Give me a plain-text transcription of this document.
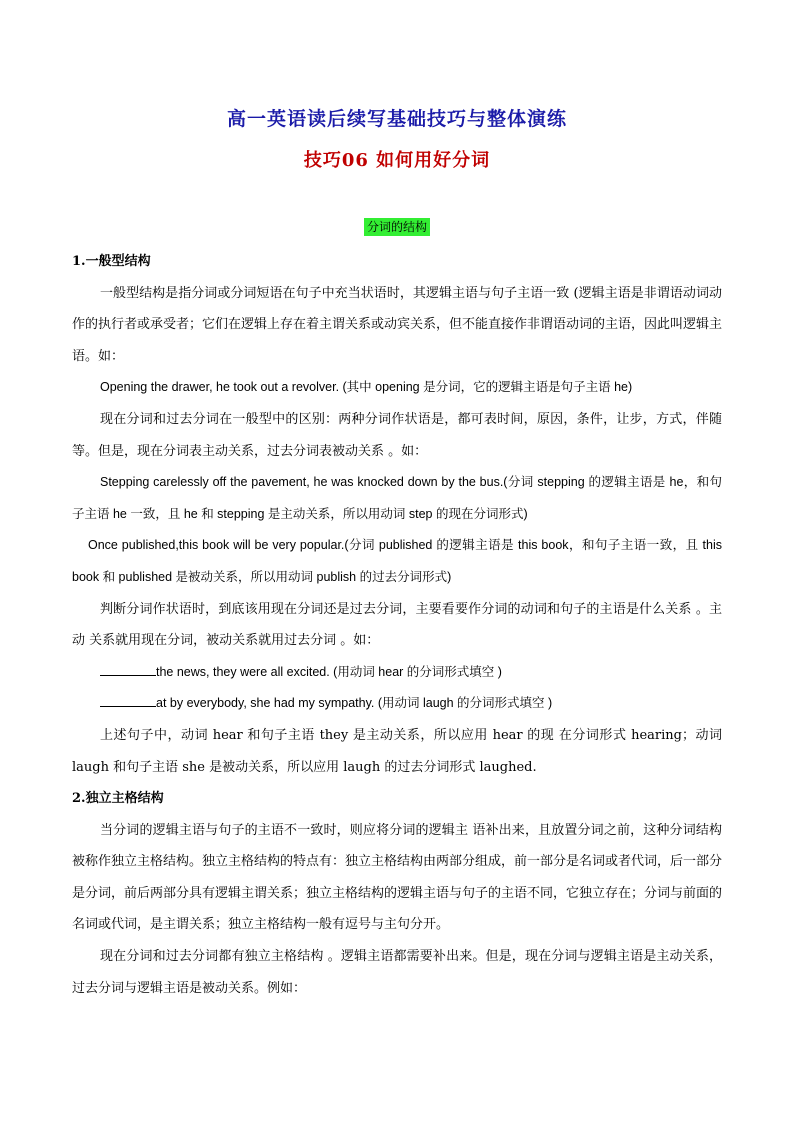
高一英语读后续写基础技巧与整体演练
技巧06 如何用好分词
分词的结构

1.一般型结构

一般型结构是指分词或分词短语在句子中充当状语时，其逻辑主语与句子主语一致 (逻辑主语是非谓语动词动作的执行者或承受者；它们在逻辑上存在着主谓关系或动宾关系，但不能直接作非谓语动词的主语，因此叫逻辑主语。如：

Opening the drawer, he took out a revolver. (其中 opening 是分词，它的逻辑主语是句子主语 he)

现在分词和过去分词在一般型中的区别：两种分词作状语是，都可表时间，原因，条件，让步，方式，伴随等。但是，现在分词表主动关系，过去分词表被动关系 。如：

Stepping carelessly off the pavement, he was knocked down by the bus.(分词 stepping 的逻辑主语是 he，和句子主语 he 一致，且 he 和 stepping 是主动关系，所以用动词 step 的现在分词形式)

Once published,this book will be very popular.(分词 published 的逻辑主语是 this book，和句子主语一致，且 this book 和 published 是被动关系，所以用动词 publish 的过去分词形式)

判断分词作状语时，到底该用现在分词还是过去分词，主要看要作分词的动词和句子的主语是什么关系 。主动 关系就用现在分词，被动关系就用过去分词 。如：

the news, they were all excited. (用动词 hear 的分词形式填空 )

at by everybody, she had my sympathy. (用动词 laugh 的分词形式填空 )

上述句子中，动词 hear 和句子主语 they 是主动关系，所以应用 hear 的现 在分词形式 hearing；动词 laugh 和句子主语 she 是被动关系，所以应用 laugh 的过去分词形式 laughed.

2.独立主格结构

当分词的逻辑主语与句子的主语不一致时，则应将分词的逻辑主 语补出来，且放置分词之前，这种分词结构被称作独立主格结构。独立主格结构的特点有：独立主格结构由两部分组成，前一部分是名词或者代词，后一部分是分词，前后两部分具有逻辑主谓关系；独立主格结构的逻辑主语与句子的主语不同，它独立存在；分词与前面的名词或代词，是主谓关系；独立主格结构一般有逗号与主句分开。

现在分词和过去分词都有独立主格结构 。逻辑主语都需要补出来。但是，现在分词与逻辑主语是主动关系，过去分词与逻辑主语是被动关系。例如：
